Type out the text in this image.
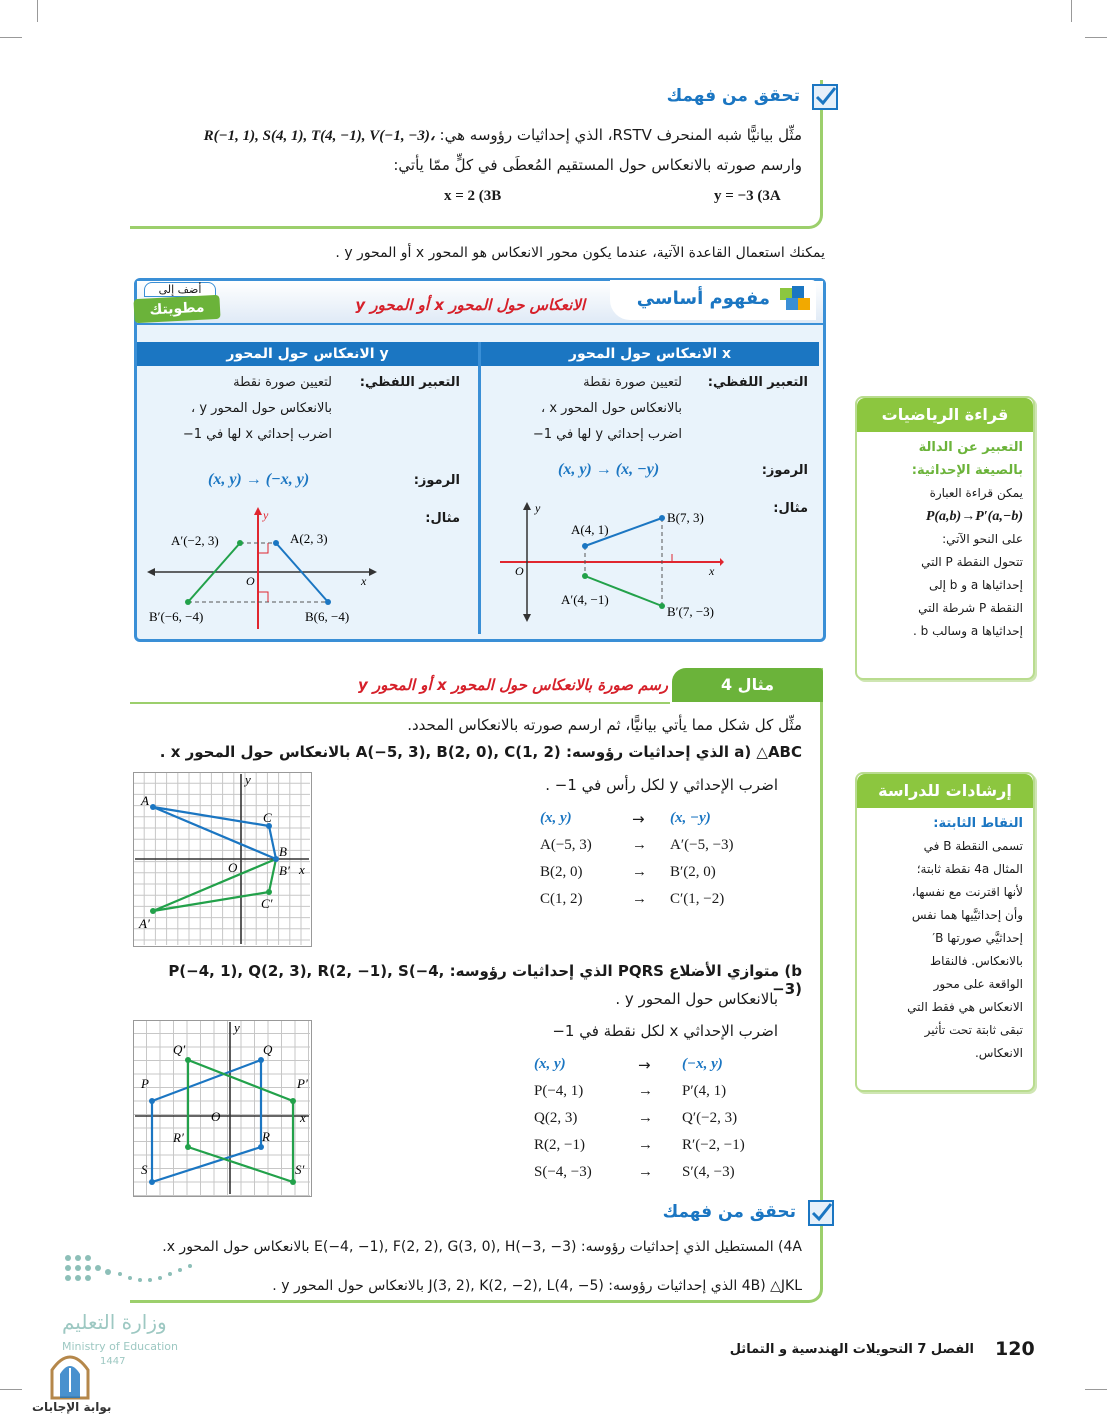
تحقق من فهمك
مثِّل بيانيًّا شبه المنحرف RSTV، الذي إحداثيات رؤوسه هي: R(−1, 1), S(4, 1), T(4, −1), V(−1, −3)،
وارسم صورته بالانعكاس حول المستقيم المُعطَى في كلٍّ ممّا يأتي:
y = −3 (3A
x = 2 (3B
يمكنك استعمال القاعدة الآتية، عندما يكون محور الانعكاس هو المحور x أو المحور y .
مفهوم أساسي
الانعكاس حول المحور x أو المحور y
أضف إلى
مطويتك
الانعكاس حول المحور x
الانعكاس حول المحور y
التعبير اللفظي:
لتعيين صورة نقطة
بالانعكاس حول المحور x ،
اضرب إحداثي y لها في 1−
الرموز:
(x, y) → (x, −y)
مثال:
y
x
O
A(4, 1)
B(7, 3)
A′(4, −1)
B′(7, −3)
التعبير اللفظي:
لتعيين صورة نقطة
بالانعكاس حول المحور y ،
اضرب إحداثي x لها في 1−
الرموز:
(x, y) → (−x, y)
مثال:
y
x
O
A′(−2, 3)	A(2, 3)
B′(−6, −4)	B(6, −4)
قراءة الرياضيات
التعبير عن الدالة
بالصيغة الإحداثية:
يمكن قراءة العبارة
P(a,b)→P′(a,−b)
على النحو الآتي:
تتحول النقطة P التي
إحداثياها a و b إلى
النقطة P شرطة التي
إحداثياها a وسالب b .
مثال 4
رسم صورة بالانعكاس حول المحور x أو المحور y
مثِّل كل شكل مما يأتي بيانيًّا، ثم ارسم صورته بالانعكاس المحدد.
a) △ABC الذي إحداثيات رؤوسه: A(−5, 3), B(2, 0), C(1, 2) بالانعكاس حول المحور x .
اضرب الإحداثي y لكل رأس في 1− .
(x, y)	→	(x, −y)
A(−5, 3)	→	A′(−5, −3)
B(2, 0)	→	B′(2, 0)
C(1, 2)	→	C′(1, −2)
A
C
B
B′
C′
A′
O	x
y
b) متوازي الأضلاع PQRS الذي إحداثيات رؤوسه: P(−4, 1), Q(2, 3), R(2, −1), S(−4, −3)
بالانعكاس حول المحور y .
اضرب الإحداثي x لكل نقطة في 1−
(x, y)	→	(−x, y)
P(−4, 1)	→	P′(4, 1)
Q(2, 3)	→	Q′(−2, 3)
R(2, −1)	→	R′(−2, −1)
S(−4, −3)	→	S′(4, −3)
Q′	Q
P	P′
O	x
y
R′	R
S	S′
إرشادات للدراسة
النقاط الثابتة:
تسمى النقطة B في
المثال 4a نقطة ثابتة؛
لأنها اقترنت مع نفسها،
وأن إحداثيَّيها هما نفس
إحداثيَّي صورتها B′
بالانعكاس. فالنقاط
الواقعة على محور
الانعكاس هي فقط التي
تبقى ثابتة تحت تأثير
الانعكاس.
تحقق من فهمك
4A) المستطيل الذي إحداثيات رؤوسه: E(−4, −1), F(2, 2), G(3, 0), H(−3, −3) بالانعكاس حول المحور x.
4B) △JKL الذي إحداثيات رؤوسه: J(3, 2), K(2, −2), L(4, −5) بالانعكاس حول المحور y .
وزارة التعليم
Ministry of Education
1447
بوابة الإجابات
الفصل 7 التحويلات الهندسية و التماثل 120
